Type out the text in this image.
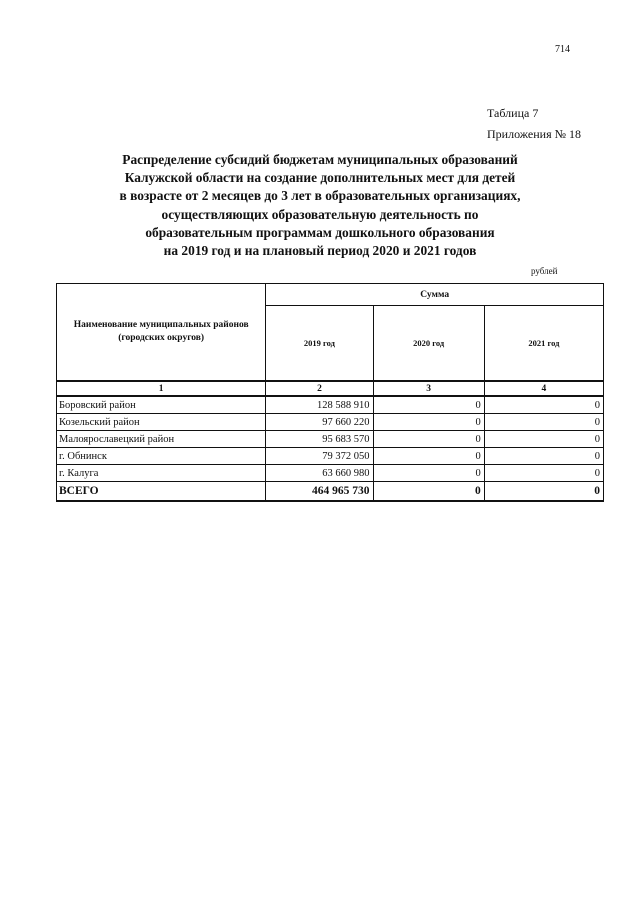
714
Таблица 7
Приложения № 18
Распределение субсидий бюджетам муниципальных образований
Калужской области на создание дополнительных мест для детей
в возрасте от 2 месяцев до 3 лет в образовательных организациях,
осуществляющих образовательную деятельность по
образовательным программам дошкольного образования
на 2019 год и на плановый период 2020 и 2021 годов
рублей
Наименование муниципальных районов (городских округов)	Сумма		
	2019 год	2020 год	2021 год
1	2	3	4
Боровский район	128 588 910	0	0
Козельский район	97 660 220	0	0
Малоярославецкий район	95 683 570	0	0
г. Обнинск	79 372 050	0	0
г. Калуга	63 660 980	0	0
ВСЕГО	464 965 730	0	0
